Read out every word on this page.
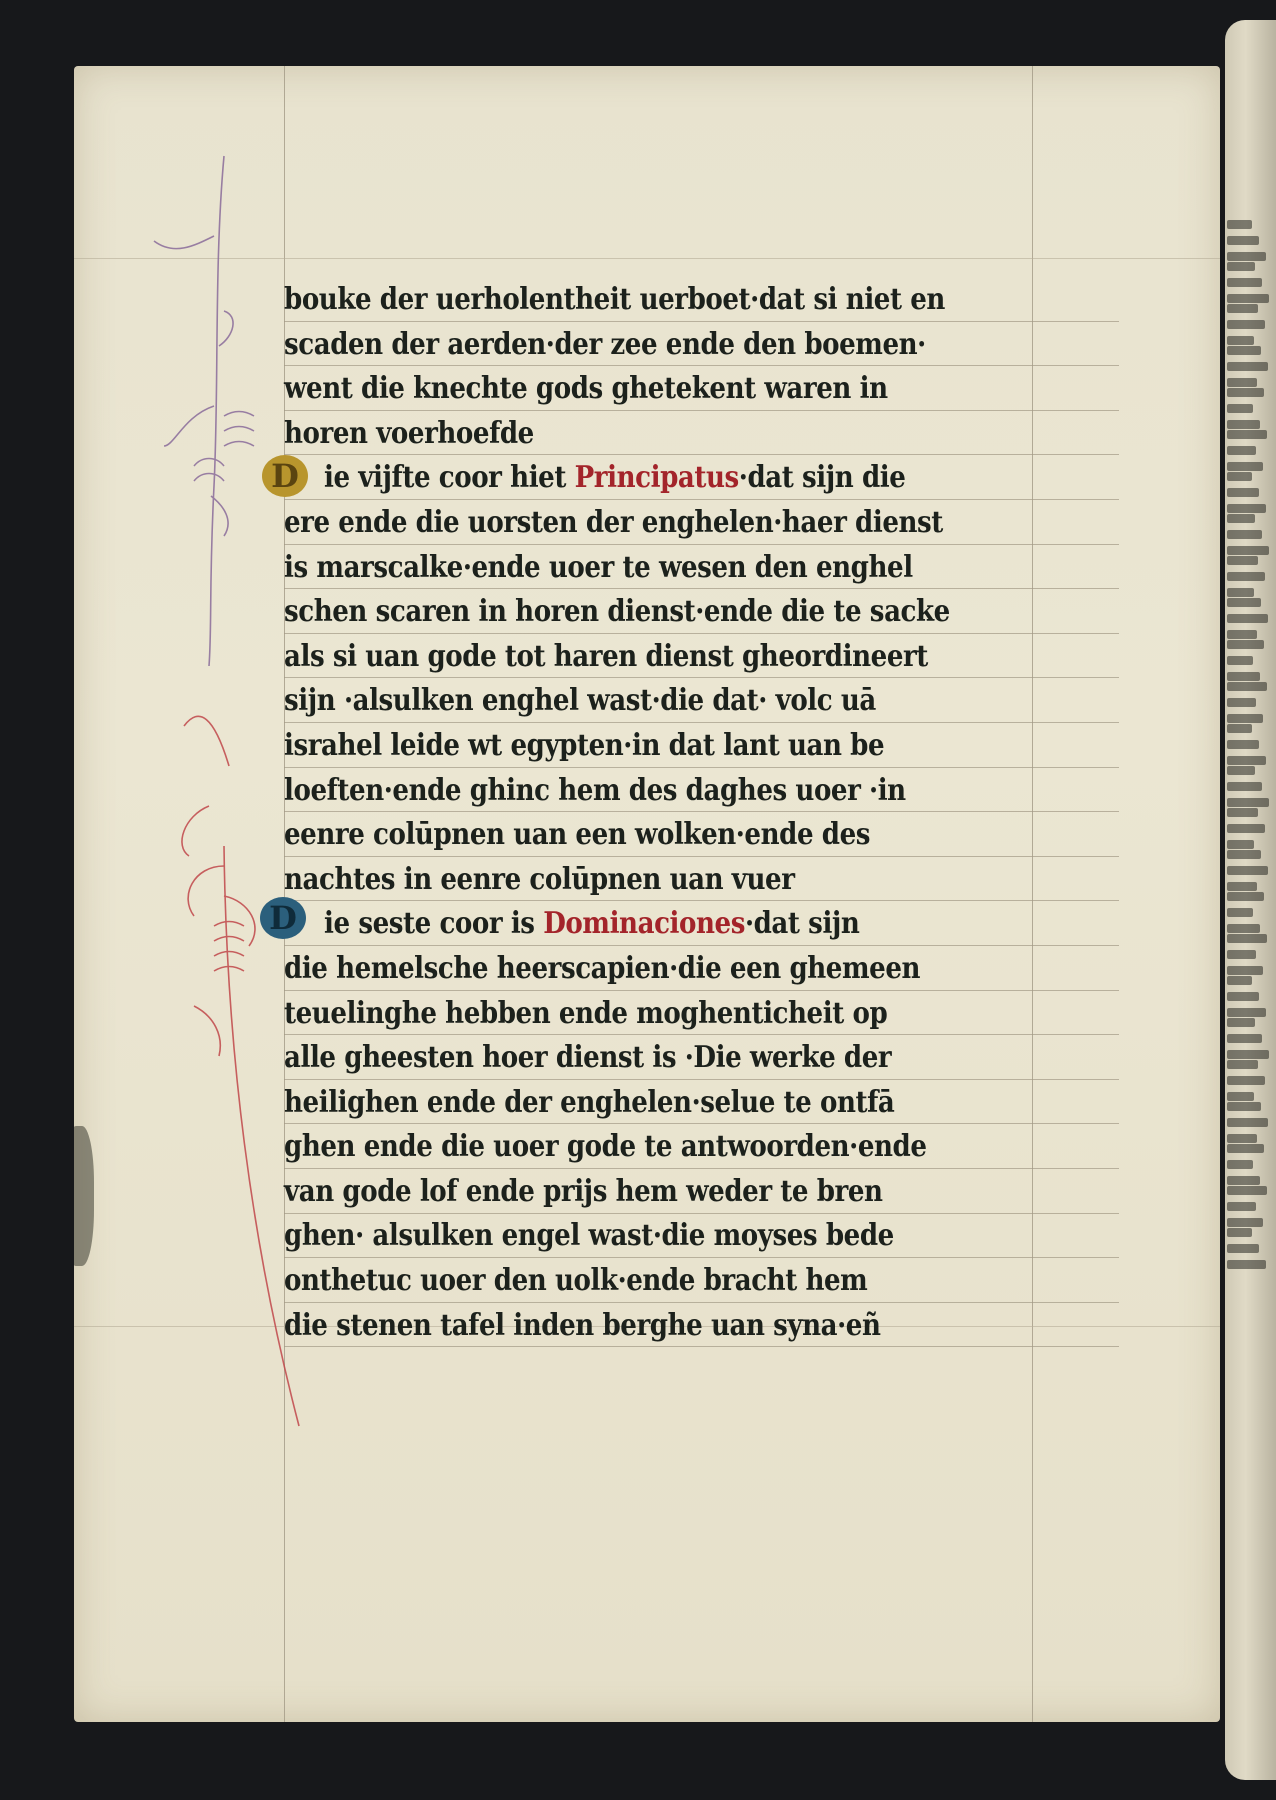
D
D
bouke der uerholentheit uerboet·dat si niet en
scaden der aerden·der zee ende den boemen·
went die knechte gods ghetekent waren in
horen voerhoefde
ie vijfte coor hiet Principatus·dat sijn die
ere ende die uorsten der enghelen·haer dienst
is marscalke·ende uoer te wesen den enghel
schen scaren in horen dienst·ende die te sacke
als si uan gode tot haren dienst gheordineert
sijn ·alsulken enghel wast·die dat· volc uā
israhel leide wt egypten·in dat lant uan be
loeften·ende ghinc hem des daghes uoer ·in
eenre colūpnen uan een wolken·ende des
nachtes in eenre colūpnen uan vuer
ie seste coor is Dominaciones·dat sijn
die hemelsche heerscapien·die een ghemeen
teuelinghe hebben ende moghenticheit op
alle gheesten hoer dienst is ·Die werke der
heilighen ende der enghelen·selue te ontfā
ghen ende die uoer gode te antwoorden·ende
van gode lof ende prijs hem weder te bren
ghen· alsulken engel wast·die moyses bede
onthetuc uoer den uolk·ende bracht hem
die stenen tafel inden berghe uan syna·eñ
